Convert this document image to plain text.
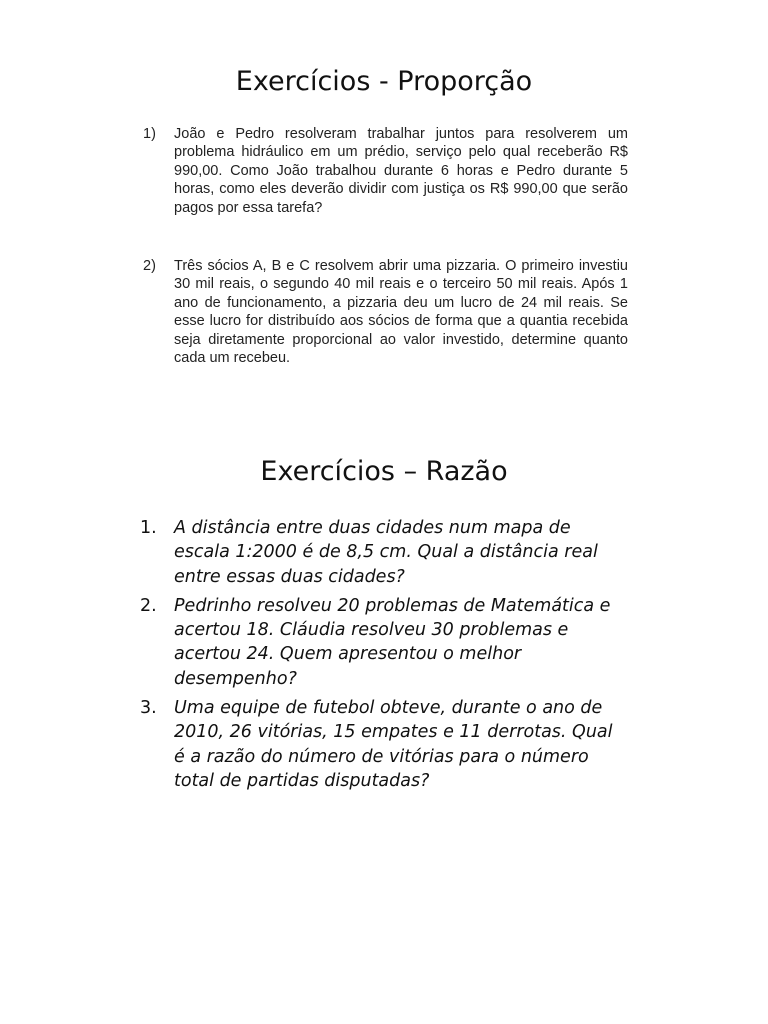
Exercícios - Proporção
1) João e Pedro resolveram trabalhar juntos para resolverem um problema hidráulico em um prédio, serviço pelo qual receberão R$ 990,00. Como João trabalhou durante 6 horas e Pedro durante 5 horas, como eles deverão dividir com justiça os R$ 990,00 que serão pagos por essa tarefa?
2) Três sócios A, B e C resolvem abrir uma pizzaria. O primeiro investiu 30 mil reais, o segundo 40 mil reais e o terceiro 50 mil reais. Após 1 ano de funcionamento, a pizzaria deu um lucro de 24 mil reais. Se esse lucro for distribuído aos sócios de forma que a quantia recebida seja diretamente proporcional ao valor investido, determine quanto cada um recebeu.
Exercícios – Razão
1. A distância entre duas cidades num mapa de escala 1:2000 é de 8,5 cm. Qual a distância real entre essas duas cidades?
2. Pedrinho resolveu 20 problemas de Matemática e acertou 18. Cláudia resolveu 30 problemas e acertou 24. Quem apresentou o melhor desempenho?
3. Uma equipe de futebol obteve, durante o ano de 2010, 26 vitórias, 15 empates e 11 derrotas. Qual é a razão do número de vitórias para o número total de partidas disputadas?
